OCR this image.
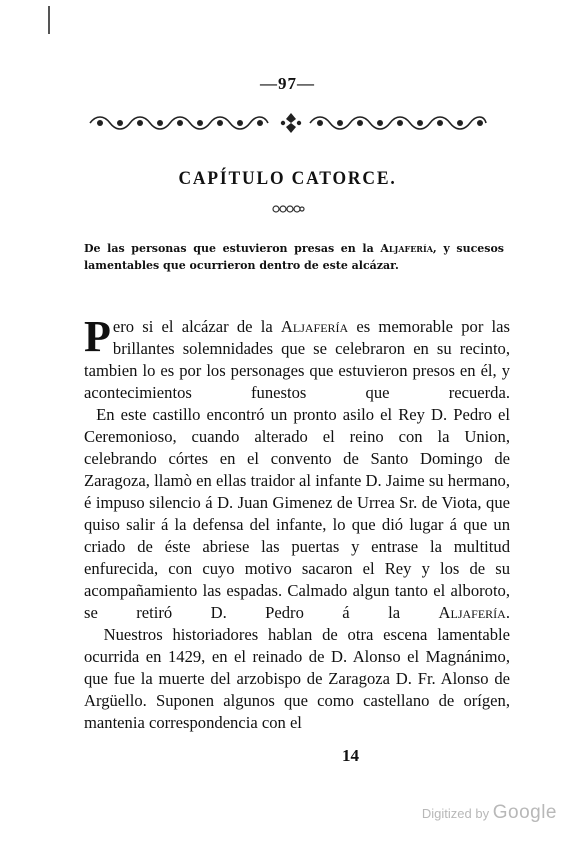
—97—
CAPÍTULO CATORCE.
De las personas que estuvieron presas en la Aljafería, y sucesos lamentables que ocurrieron dentro de este alcázar.

Pero si el alcázar de la Aljafería es memorable por las brillantes solemnidades que se celebraron en su recinto, tambien lo es por los personages que estuvieron presos en él, y acontecimientos funestos que recuerda.

En este castillo encontró un pronto asilo el Rey D. Pedro el Ceremonioso, cuando alterado el reino con la Union, celebrando córtes en el convento de Santo Domingo de Zaragoza, llamò en ellas traidor al infante D. Jaime su hermano, é impuso silencio á D. Juan Gimenez de Urrea Sr. de Viota, que quiso salir á la defensa del infante, lo que dió lugar á que un criado de éste abriese las puertas y entrase la multitud enfurecida, con cuyo motivo sacaron el Rey y los de su acompañamiento las espadas. Calmado algun tanto el alboroto, se retiró D. Pedro á la Aljafería.

Nuestros historiadores hablan de otra escena lamentable ocurrida en 1429, en el reinado de D. Alonso el Magnánimo, que fue la muerte del arzobispo de Zaragoza D. Fr. Alonso de Argüello. Suponen algunos que como castellano de orígen, mantenia correspondencia con el

14
Digitized by Google
